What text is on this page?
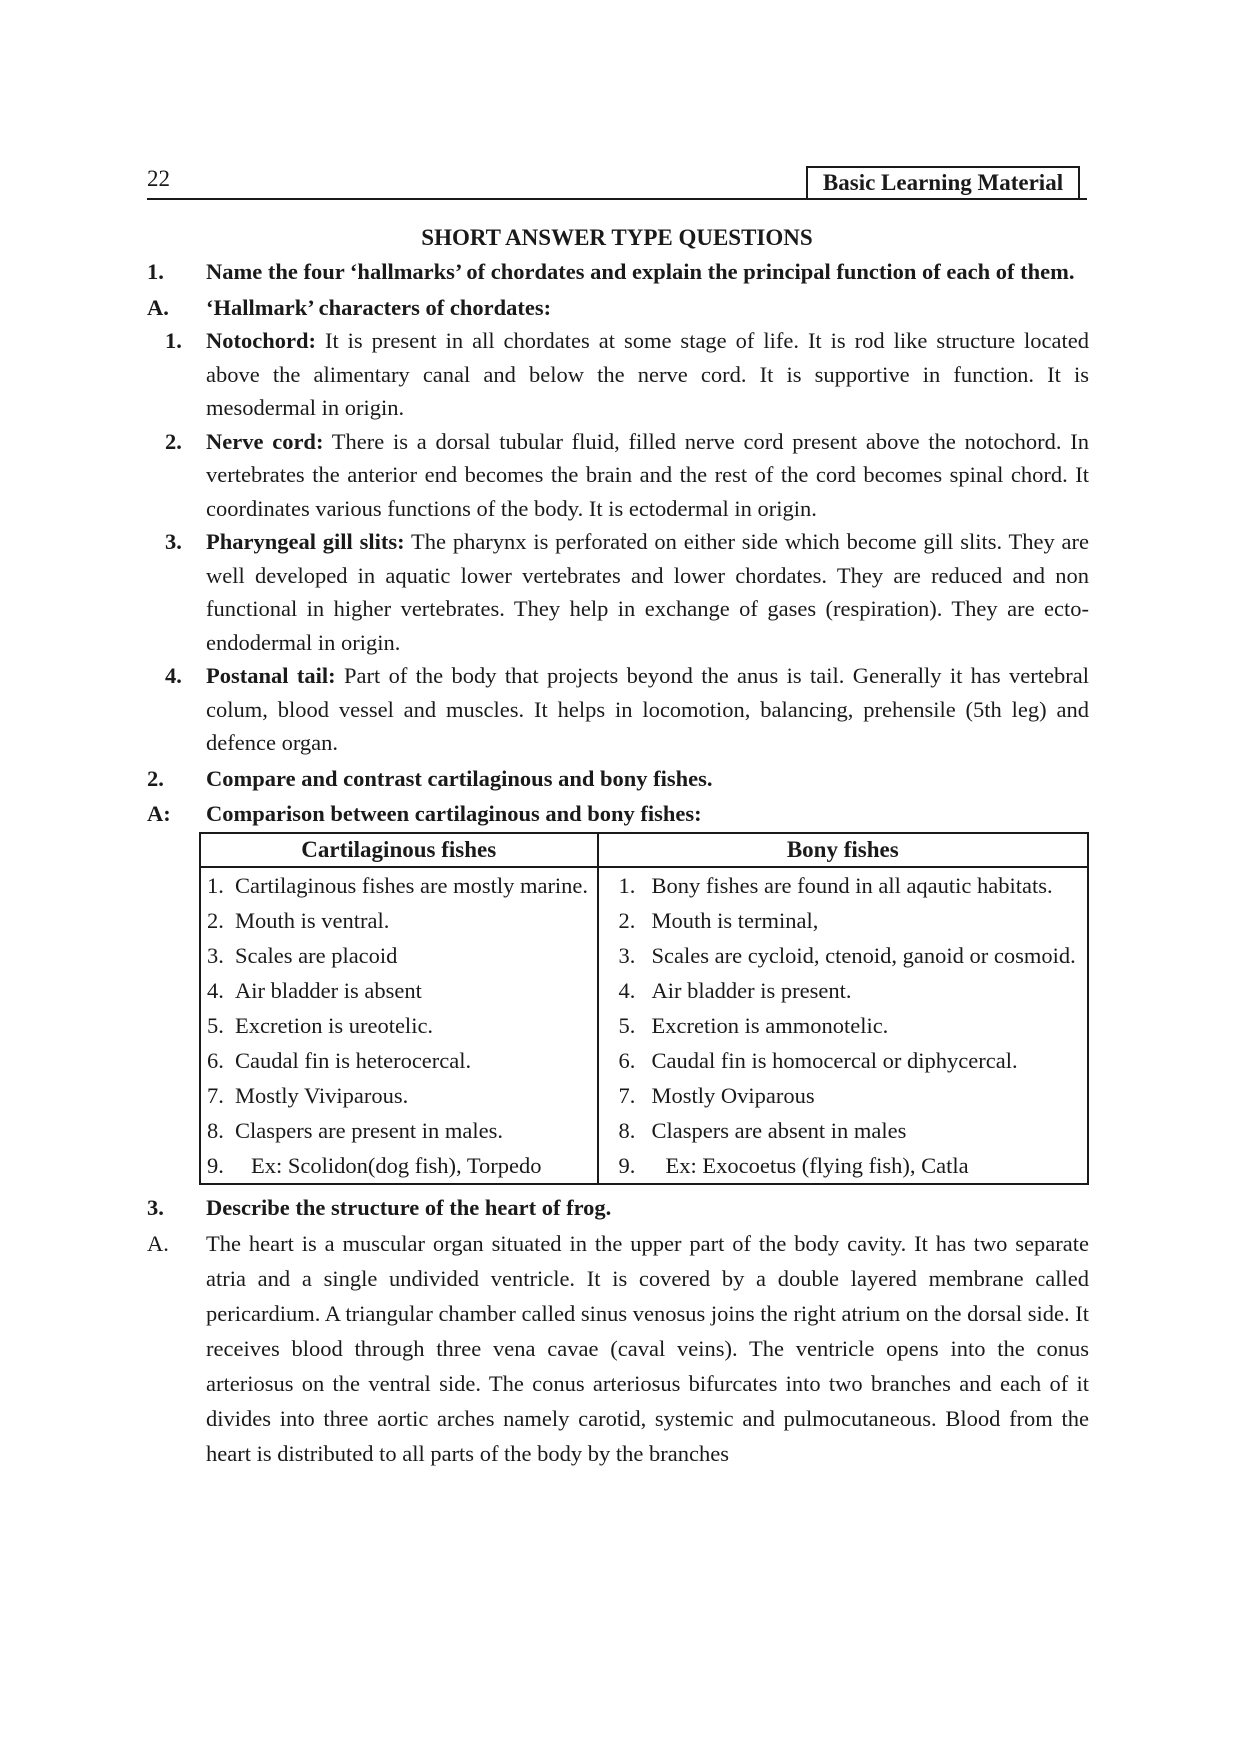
22	Basic Learning Material
SHORT ANSWER TYPE QUESTIONS
1. Name the four ‘hallmarks’ of chordates and explain the principal function of each of them.
A. ‘Hallmark’ characters of chordates:
1. Notochord: It is present in all chordates at some stage of life. It is rod like structure located above the alimentary canal and below the nerve cord. It is supportive in function. It is mesodermal in origin.
2. Nerve cord: There is a dorsal tubular fluid, filled nerve cord present above the notochord. In vertebrates the anterior end becomes the brain and the rest of the cord becomes spinal chord. It coordinates various functions of the body. It is ectodermal in origin.
3. Pharyngeal gill slits: The pharynx is perforated on either side which become gill slits. They are well developed in aquatic lower vertebrates and lower chordates. They are reduced and non functional in higher vertebrates. They help in exchange of gases (respiration). They are ecto-endodermal in origin.
4. Postanal tail: Part of the body that projects beyond the anus is tail. Generally it has vertebral colum, blood vessel and muscles. It helps in locomotion, balancing, prehensile (5th leg) and defence organ.
2. Compare and contrast cartilaginous and bony fishes.
A: Comparison between cartilaginous and bony fishes:
Cartilaginous fishes	Bony fishes

1. Cartilaginous fishes are mostly marine.	1. Bony fishes are found in all aqautic habitats.

2. Mouth is ventral.	2. Mouth is terminal,

3. Scales are placoid	3. Scales are cycloid, ctenoid, ganoid or cosmoid.

4. Air bladder is absent	4. Air bladder is present.

5. Excretion is ureotelic.	5. Excretion is ammonotelic.

6. Caudal fin is heterocercal.	6. Caudal fin is homocercal or diphycercal.

7. Mostly Viviparous.	7. Mostly Oviparous

8. Claspers are present in males.	8. Claspers are absent in males

9. Ex: Scolidon(dog fish), Torpedo	9. Ex: Exocoetus (flying fish), Catla
3. Describe the structure of the heart of frog.
A. The heart is a muscular organ situated in the upper part of the body cavity. It has two separate atria and a single undivided ventricle. It is covered by a double layered membrane called pericardium. A triangular chamber called sinus venosus joins the right atrium on the dorsal side. It receives blood through three vena cavae (caval veins). The ventricle opens into the conus arteriosus on the ventral side. The conus arteriosus bifurcates into two branches and each of it divides into three aortic arches namely carotid, systemic and pulmocutaneous. Blood from the heart is distributed to all parts of the body by the branches
